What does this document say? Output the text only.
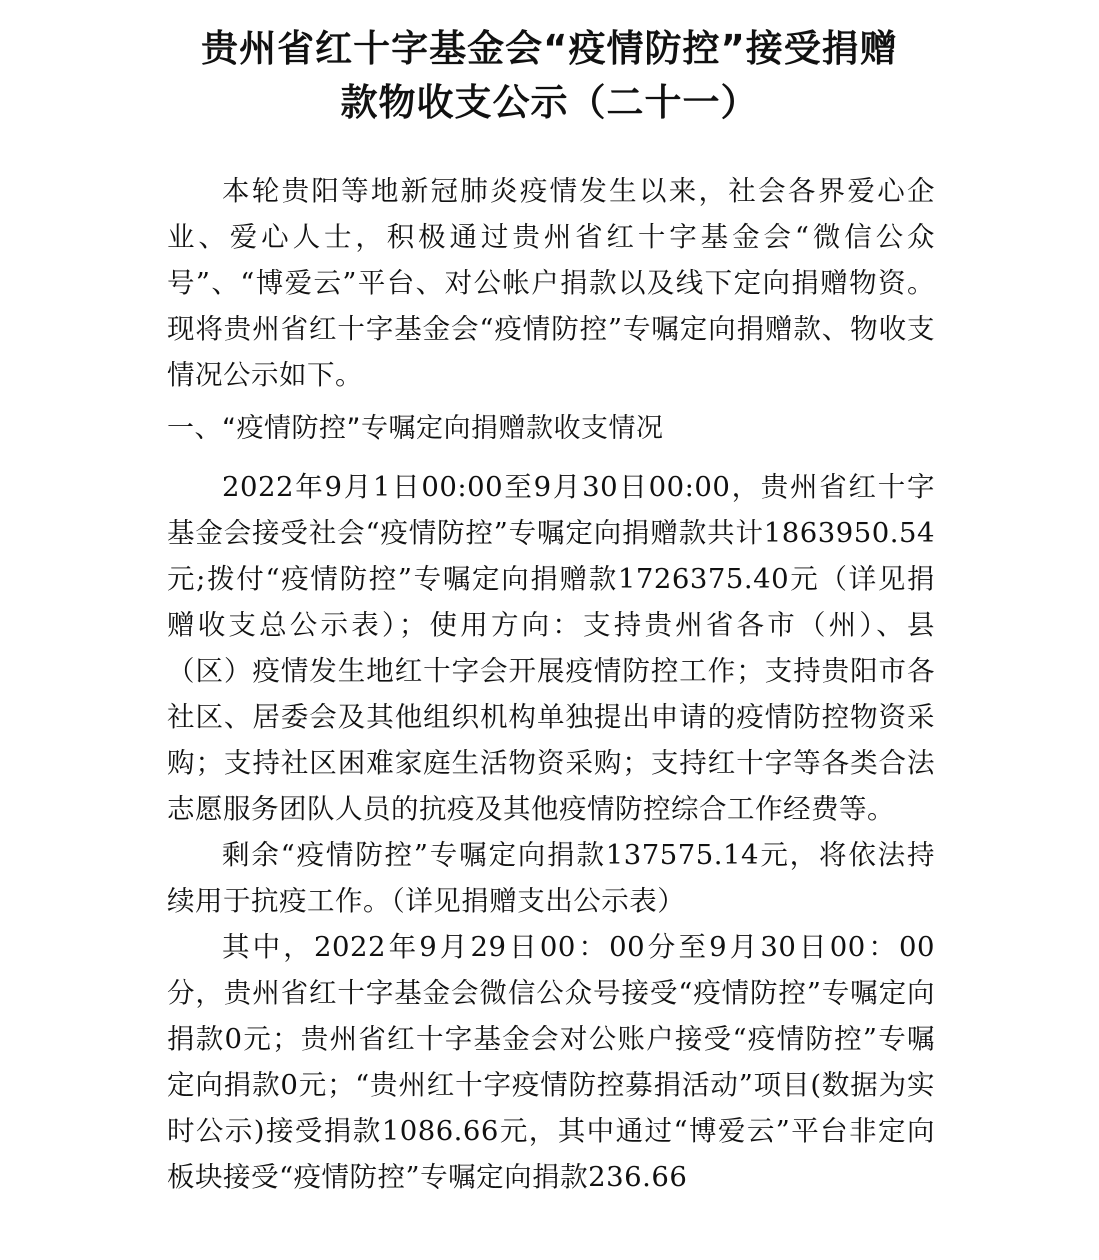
贵州省红十字基金会“疫情防控”接受捐赠
款物收支公示（二十一）

本轮贵阳等地新冠肺炎疫情发生以来，社会各界爱心企业、爱心人士，积极通过贵州省红十字基金会“微信公众号”、“博爱云”平台、对公帐户捐款以及线下定向捐赠物资。现将贵州省红十字基金会“疫情防控”专嘱定向捐赠款、物收支情况公示如下。

一、“疫情防控”专嘱定向捐赠款收支情况

2022年9月1日00:00至9月30日00:00，贵州省红十字基金会接受社会“疫情防控”专嘱定向捐赠款共计1863950.54元;拨付“疫情防控”专嘱定向捐赠款1726375.40元（详见捐赠收支总公示表）；使用方向：支持贵州省各市（州）、县（区）疫情发生地红十字会开展疫情防控工作；支持贵阳市各社区、居委会及其他组织机构单独提出申请的疫情防控物资采购；支持社区困难家庭生活物资采购；支持红十字等各类合法志愿服务团队人员的抗疫及其他疫情防控综合工作经费等。

剩余“疫情防控”专嘱定向捐款137575.14元，将依法持续用于抗疫工作。（详见捐赠支出公示表）

其中，2022年9月29日00：00分至9月30日00：00分，贵州省红十字基金会微信公众号接受“疫情防控”专嘱定向捐款0元；贵州省红十字基金会对公账户接受“疫情防控”专嘱定向捐款0元；“贵州红十字疫情防控募捐活动”项目(数据为实时公示)接受捐款1086.66元，其中通过“博爱云”平台非定向板块接受“疫情防控”专嘱定向捐款236.66
